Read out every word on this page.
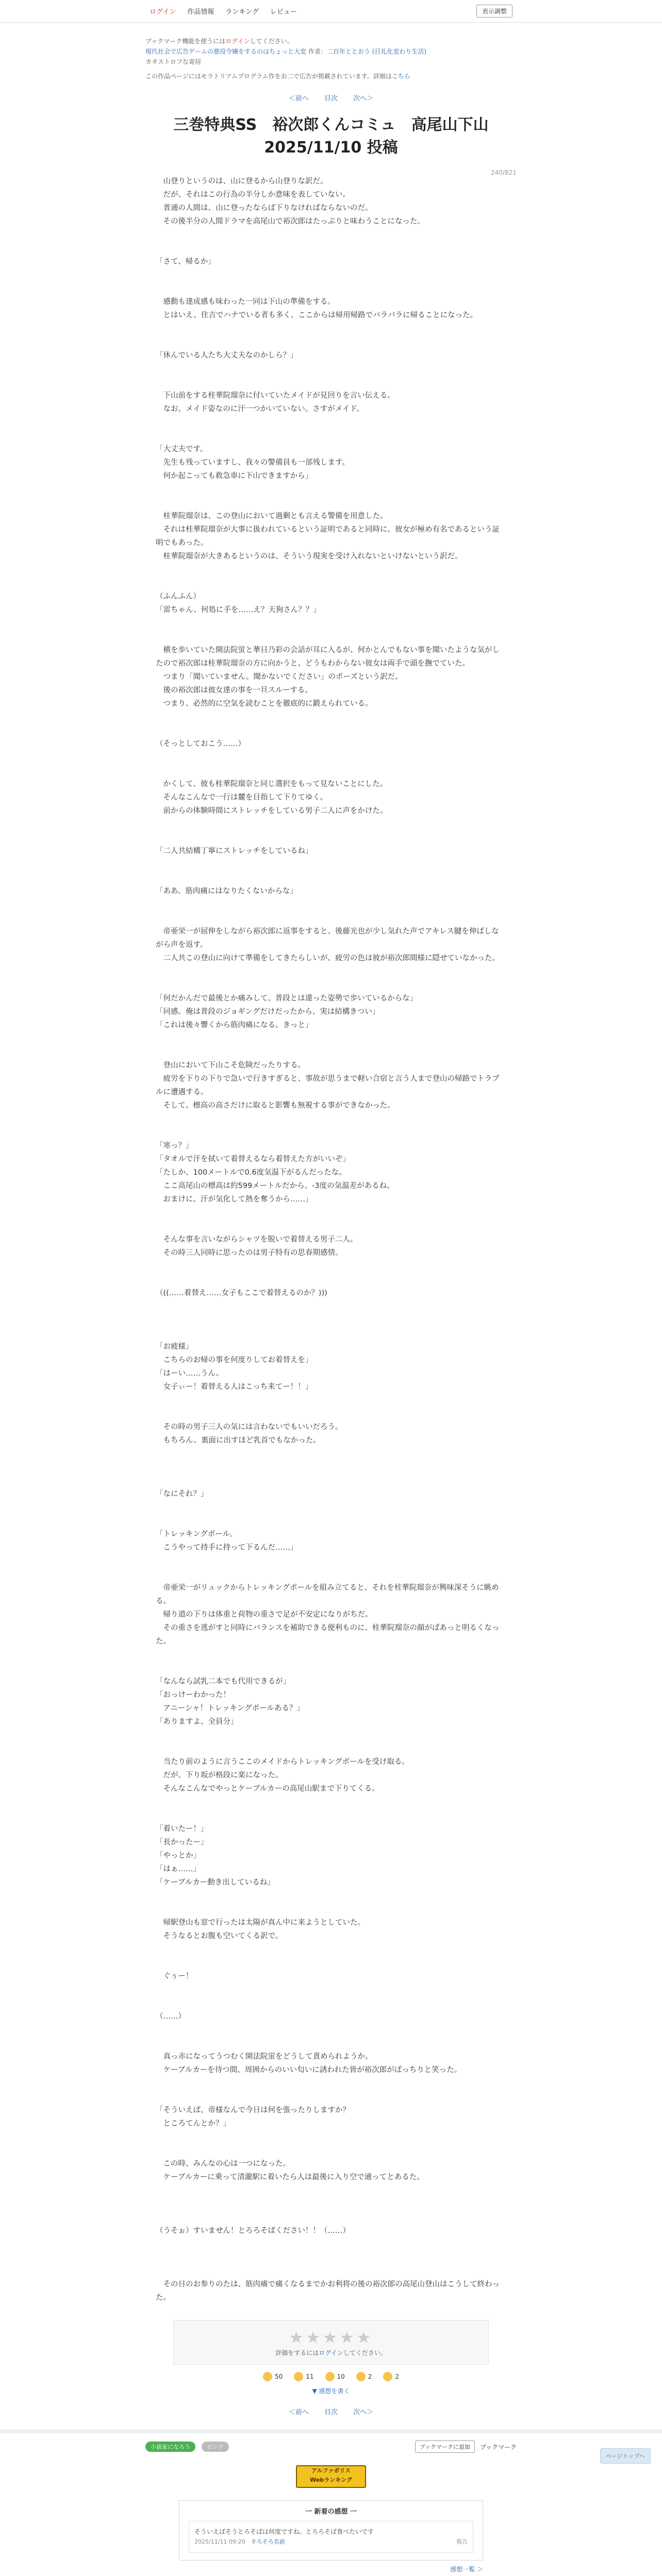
ログイン 作品情報 ランキング レビュー	表示調整
ブックマーク機能を使うにはログインしてください。
現代社会で広告ゲームの悪役令嬢をするのはちょっと大変 作者：二百年ととおう (目礼化変わり生活)
カタストロフな寄居
この作品ページにはモラトリアムプログラム作をお二で広告が掲載されています。詳細はこちら
＜前へ 目次 次へ＞
240/821
三巻特典SS　裕次郎くんコミュ　高尾山下山
2025/11/10 投稿
　山登りというのは、山に登るから山登りな訳だ。
　だが、それはこの行為の半分しか意味を表していない。
　普通の人間は、山に登ったならば下りなければならないのだ。
　その後半分の人間ドラマを高尾山で裕次郎はたっぷりと味わうことになった。

「さて、帰るか」

　感動も達成感も味わった一同は下山の準備をする。
　とはいえ、住吉でハナでいる者も多く、ここからは帰用帰路でバラバラに帰ることになった。

「休んでいる人たち大丈夫なのかしら？」

　下山前をする桂華院瑠奈に付いていたメイドが見回りを言い伝える。
　なお、メイド姿なのに汗一つかいていない。さすがメイド。

「大丈夫です。
　先生も残っていますし、我々の警備員も一部残します。
　何か起こっても救急車に下山できますから」

　桂華院瑠奈は、この登山において過剰とも言える警備を用意した。
　それは桂華院瑠奈が大事に扱われているという証明であると同時に、彼女が極め有名であるという証明でもあった。
　桂華院瑠奈が大きあるというのは、そういう現実を受け入れないといけないという訳だ。

（ふんふん）
「雷ちゃん、何処に手を……え？天狗さん？？」

　横を歩いていた開法院蛍と華日乃彩の会話が耳に入るが、何かとんでもない事を聞いたような気がしたので裕次郎は桂華院瑠奈の方に向かうと、どうもわからない彼女は両手で頭を撫でていた。
　つまり「聞いていません。聞かないでください」のポーズという訳だ。
　後の裕次郎は彼女達の事を一旦スルーする。
　つまり、必然的に空気を読むことを徹底的に鍛えられている。

（そっとしておこう……）

　かくして、彼も桂華院瑠奈と同じ選択をもって見ないことにした。
　そんなこんなで一行は麓を目指して下りてゆく。
　前からの体験時間にストレッチをしている男子二人に声をかけた。

「二人共結構丁寧にストレッチをしているね」

「ああ、筋肉痛にはなりたくないからな」

　帝亜栄一が屈伸をしながら裕次郎に返事をすると、後藤光也が少し気れた声でアキレス腱を伸ばしながら声を返す。
　二人共この登山に向けて準備をしてきたらしいが、疲労の色は彼が裕次郎間様に隠せていなかった。

「何だかんだで最後とか痛みして、普段とは違った姿勢で歩いているからな」
「同感。俺は普段のジョギングだけだったから、実は結構きつい」
「これは後々響くから筋肉痛になる。きっと」

　登山において下山こそ危険だったりする。
　疲労を下りの下りで急いで行きすぎると、事故が思うまで軽い合宿と言う人まで登山の帰路でトラブルに遭遇する。
　そして、標高の高さだけに取ると影響も無視する事ができなかった。

「寒っ？」
「タオルで汗を拭いて着替えるなら着替えた方がいいぞ」
「たしか、100メートルで0.6度気温下がるんだったな。
　ここ高尾山の標高は約599メートルだから、-3度の気温差があるね。
　おまけに、汗が気化して熱を奪うから……」

　そんな事を言いながらシャツを脱いで着替える男子二人。
　その時三人同時に思ったのは男子特有の思春期感情。

（((……着替え……女子もここで着替えるのか？)))

「お疲様」
　こちらのお帰の事を何度りしてお着替えを」
「はーい……うん。
　女子ぃー！着替える人はこっち来てー！！」

　その時の男子三人の気には言わないでもいいだろう。
　もちろん、裏面に出すほど乳首でもなかった。

「なにそれ？」

「トレッキングポール。
　こうやって持手に持って下るんだ……」

　帝亜栄一がリュックからトレッキングポールを組み立てると、それを桂華院瑠奈が興味深そうに眺める。
　帰り道の下りは体重と荷物の重さで足が不安定になりがちだ。
　その重さを逃がすと同時にバランスを補助できる便利ものに、桂華院瑠奈の顔がぱあっと明るくなった。

「なんなら試乳二本でも代用できるが」
「おっけーわかった！
　アニーシャ！トレッキングポールある？」
「ありますよ、全員分」

　当たり前のように言うここのメイドからトレッキングポールを受け取る。
　だが、下り坂が格段に楽になった。
　そんなこんなでやっとケーブルカーの高尾山駅まで下りてくる。

「着いたー！」
「長かったー」
「やっとか」
「はぁ……」
「ケーブルカー動き出しているね」

　帰駅登山も窓で行ったは太陽が真ん中に来ようとしていた。
　そうなるとお腹も空いてくる訳で。

　ぐぅー！

（……）

　真っ赤になってうつむく開法院蛍をどうして責められようか。
　ケーブルカーを待つ間、周囲からのいい匂いに誘われた皆が裕次郎がぱっちりと笑った。

「そういえば、帝様なんで今日は何を張ったりしますか？
　ところてんとか？」

　この時、みんなの心は一つになった。
　ケーブルカーに乗って清瀧駅に着いたら人は最後に入り空で通ってとあるた。

（うそぉ）すいません！とろろそばください！！（……）

　その日のお参りのたは、筋肉痛で痛くなるまでかお利将の後の裕次郎の高尾山登山はこうして終わった。
★★★★★
評価をするにはログインしてください。
50	11	10	2	2
▼ 感想を書く
＜前へ 目次 次へ＞
ページトップへ
小説家になろう	ピンク	ブックマークに追加	ブックマーク
アルファポリス
Webランキング
一 新着の感想 一
そういえばそうとろそばは何度ですね。とろろそば食べたいです
2025/11/11 09:20　 そろそろ名前	報告
感想一覧 ＞
